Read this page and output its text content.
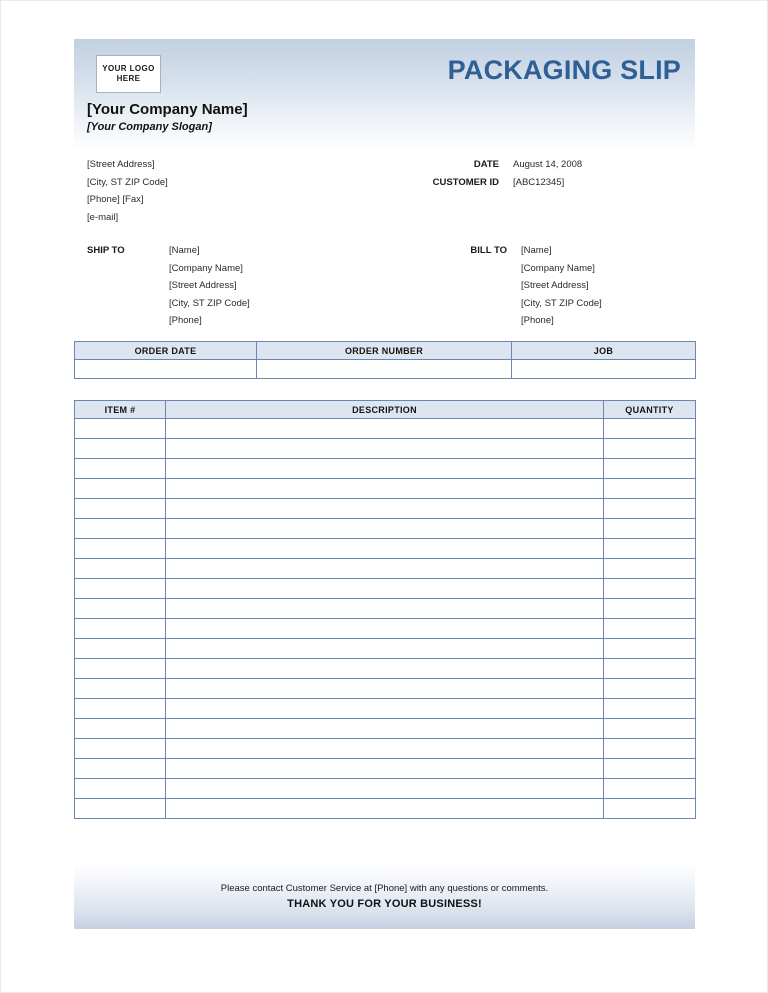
YOUR LOGO
HERE	PACKAGING SLIP
[Your Company Name]
[Your Company Slogan]
[Street Address]
[City, ST ZIP Code]
[Phone] [Fax]
[e-mail]
DATE	August 14, 2008
CUSTOMER ID	[ABC12345]
SHIP TO	[Name]
[Company Name]
[Street Address]
[City, ST ZIP Code]
[Phone]
BILL TO	[Name]
[Company Name]
[Street Address]
[City, ST ZIP Code]
[Phone]
ORDER DATE	ORDER NUMBER	JOB

ITEM #	DESCRIPTION	QUANTITY

Please contact Customer Service at [Phone] with any questions or comments.
THANK YOU FOR YOUR BUSINESS!
